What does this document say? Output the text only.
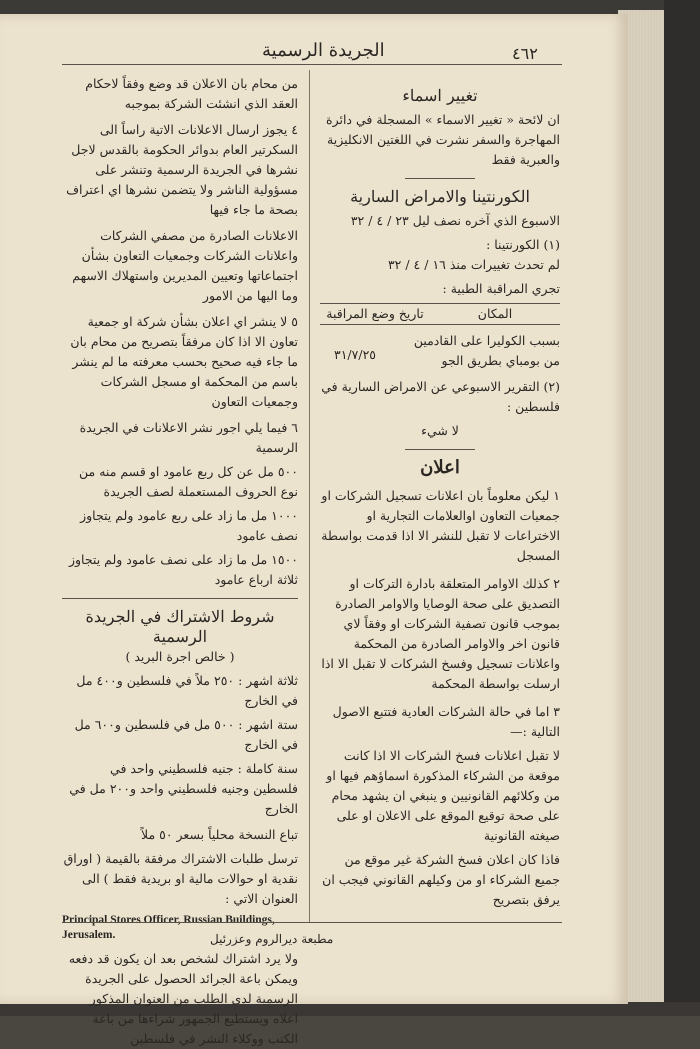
٤٦٢
الجريدة الرسمية

تغيير اسماء

ان لائحة « تغيير الاسماء » المسجلة في دائرة المهاجرة والسفر نشرت في اللغتين الانكليزية والعبرية فقط

الكورنتينا والامراض السارية

الاسبوع الذي آخره نصف ليل ٢٣ / ٤ / ٣٢

(١) الكورنتينا :

لم تحدث تغييرات منذ ١٦ / ٤ / ٣٢

تجري المراقبة الطبية :

المكان
تاريخ وضع المراقبة
بسبب الكوليرا على القادمين من بومباي بطريق الجو
٣١/٧/٢٥

(٢) التقرير الاسبوعي عن الامراض السارية في فلسطين :

لا شيء

اعلان

١ ليكن معلوماً بان اعلانات تسجيل الشركات او جمعيات التعاون اوالعلامات التجارية او الاختراعات لا تقبل للنشر الا اذا قدمت بواسطة المسجل

٢ كذلك الاوامر المتعلقة بادارة التركات او التصديق على صحة الوصايا والاوامر الصادرة بموجب قانون تصفية الشركات او وفقاً لاي قانون اخر والاوامر الصادرة من المحكمة واعلانات تسجيل وفسخ الشركات لا تقبل الا اذا ارسلت بواسطة المحكمة

٣ اما في حالة الشركات العادية فتتبع الاصول التالية :—

لا تقبل اعلانات فسخ الشركات الا اذا كانت موقعة من الشركاء المذكورة اسماؤهم فيها او من وكلائهم القانونيين و ينبغي ان يشهد محام على صحة توقيع الموقع على الاعلان او على صيغته القانونية

فاذا كان اعلان فسخ الشركة غير موقع من جميع الشركاء او من وكيلهم القانوني فيجب ان يرفق بتصريح

من محام بان الاعلان قد وضع وفقاً لاحكام العقد الذي انشئت الشركة بموجبه

٤ يجوز ارسال الاعلانات الاتية راساً الى السكرتير العام بدوائر الحكومة بالقدس لاجل نشرها في الجريدة الرسمية وتنشر على مسؤولية الناشر ولا يتضمن نشرها اي اعتراف بصحة ما جاء فيها

الاعلانات الصادرة من مصفي الشركات واعلانات الشركات وجمعيات التعاون بشأن اجتماعاتها وتعيين المديرين واستهلاك الاسهم وما اليها من الامور

٥ لا ينشر اي اعلان بشأن شركة او جمعية تعاون الا اذا كان مرفقاً بتصريح من محام بان ما جاء فيه صحيح بحسب معرفته ما لم ينشر باسم من المحكمة او مسجل الشركات وجمعيات التعاون

٦ فيما يلي اجور نشر الاعلانات في الجريدة الرسمية

٥٠٠ مل عن كل ربع عامود او قسم منه من نوع الحروف المستعملة لصف الجريدة

١٠٠٠ مل ما زاد على ربع عامود ولم يتجاوز نصف عامود

١٥٠٠ مل ما زاد على نصف عامود ولم يتجاوز ثلاثة ارباع عامود

شروط الاشتراك في الجريدة الرسمية

( خالص اجرة البريد )

ثلاثة اشهر : ٢٥٠ ملاً في فلسطين و٤٠٠ مل في الخارج

ستة اشهر : ٥٠٠ مل في فلسطين و٦٠٠ مل في الخارج

سنة كاملة : جنيه فلسطيني واحد في فلسطين وجنيه فلسطيني واحد و٢٠٠ مل في الخارج

تباع النسخة محلياً بسعر ٥٠ ملاً

ترسل طلبات الاشتراك مرفقة بالقيمة ( اوراق نقدية او حوالات مالية او بريدية فقط ) الى العنوان الاتي :

Principal Stores Officer, Russian Buildings, Jerusalem.

ولا يرد اشتراك لشخص بعد ان يكون قد دفعه ويمكن باعة الجرائد الحصول على الجريدة الرسمية لدى الطلب من العنوان المذكور اعلاه ويستطيع الجمهور شراءها من باعة الكتب ووكلاء النشر في فلسطين

مطبعة ديرالروم وعزرئيل
